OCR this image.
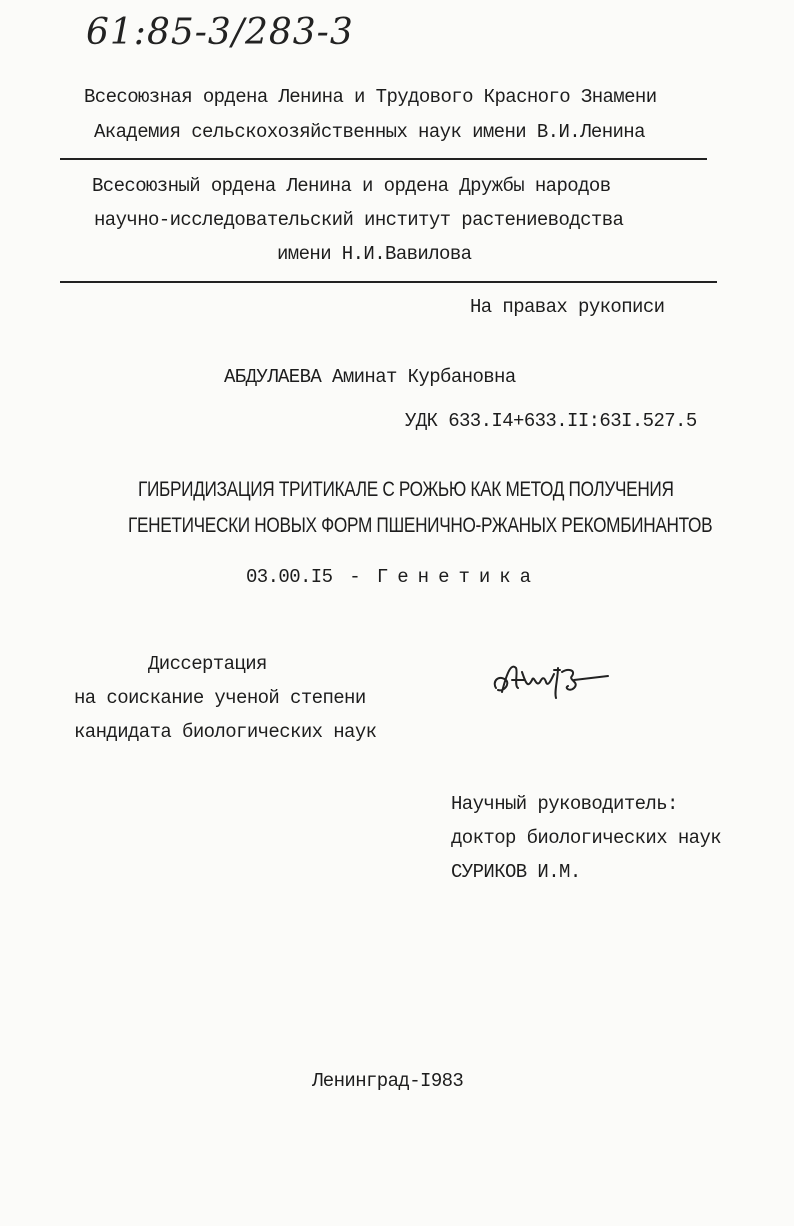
61:85-3/283-3
Всесоюзная ордена Ленина и Трудового Красного Знамени
Академия сельскохозяйственных наук имени В.И.Ленина
Всесоюзный ордена Ленина и ордена Дружбы народов
научно-исследовательский институт растениеводства
имени Н.И.Вавилова
На правах рукописи
АБДУЛАЕВА Аминат Курбановна
УДК 633.I4+633.II:63I.527.5
ГИБРИДИЗАЦИЯ ТРИТИКАЛЕ С РОЖЬЮ КАК МЕТОД ПОЛУЧЕНИЯ
ГЕНЕТИЧЕСКИ НОВЫХ ФОРМ ПШЕНИЧНО-РЖАНЫХ РЕКОМБИНАНТОВ
03.00.I5 - Генетика
Диссертация
на соискание ученой степени
кандидата биологических наук
Научный руководитель:
доктор биологических наук
СУРИКОВ И.М.
Ленинград-I983
